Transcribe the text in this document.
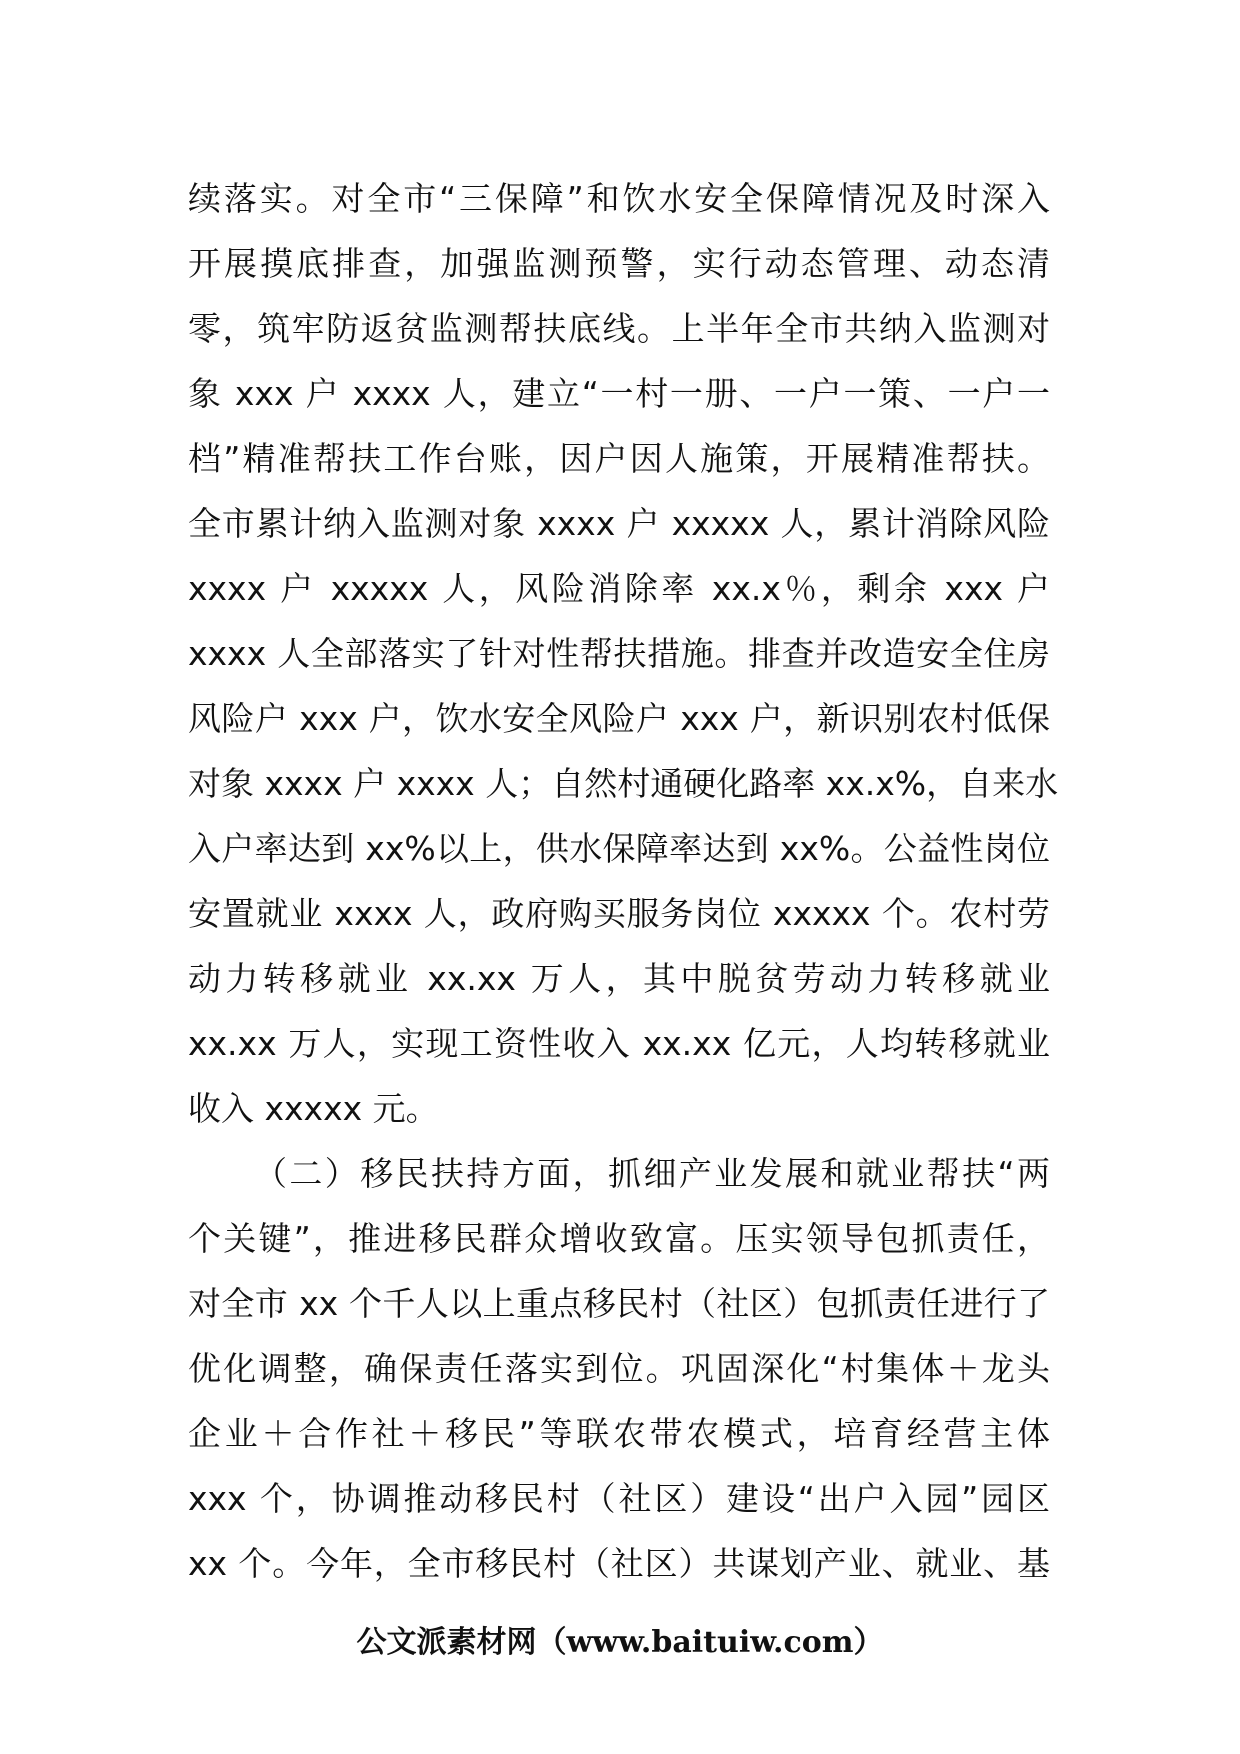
续落实。对全市“三保障”和饮水安全保障情况及时深入
开展摸底排查，加强监测预警，实行动态管理、动态清
零，筑牢防返贫监测帮扶底线。上半年全市共纳入监测对
象 xxx 户 xxxx 人，建立“一村一册、一户一策、一户一
档”精准帮扶工作台账，因户因人施策，开展精准帮扶。
全市累计纳入监测对象 xxxx 户 xxxxx 人，累计消除风险
xxxx 户 xxxxx 人，风险消除率 xx.x％，剩余 xxx 户
xxxx 人全部落实了针对性帮扶措施。排查并改造安全住房
风险户 xxx 户，饮水安全风险户 xxx 户，新识别农村低保
对象 xxxx 户 xxxx 人；自然村通硬化路率 xx.x%，自来水
入户率达到 xx%以上，供水保障率达到 xx%。公益性岗位
安置就业 xxxx 人，政府购买服务岗位 xxxxx 个。农村劳
动力转移就业 xx.xx 万人，其中脱贫劳动力转移就业
xx.xx 万人，实现工资性收入 xx.xx 亿元，人均转移就业
收入 xxxxx 元。
（二）移民扶持方面，抓细产业发展和就业帮扶“两
个关键”，推进移民群众增收致富。压实领导包抓责任，
对全市 xx 个千人以上重点移民村（社区）包抓责任进行了
优化调整，确保责任落实到位。巩固深化“村集体＋龙头
企业＋合作社＋移民”等联农带农模式，培育经营主体
xxx 个，协调推动移民村（社区）建设“出户入园”园区
xx 个。今年，全市移民村（社区）共谋划产业、就业、基
公文派素材网（www.baituiw.com）
